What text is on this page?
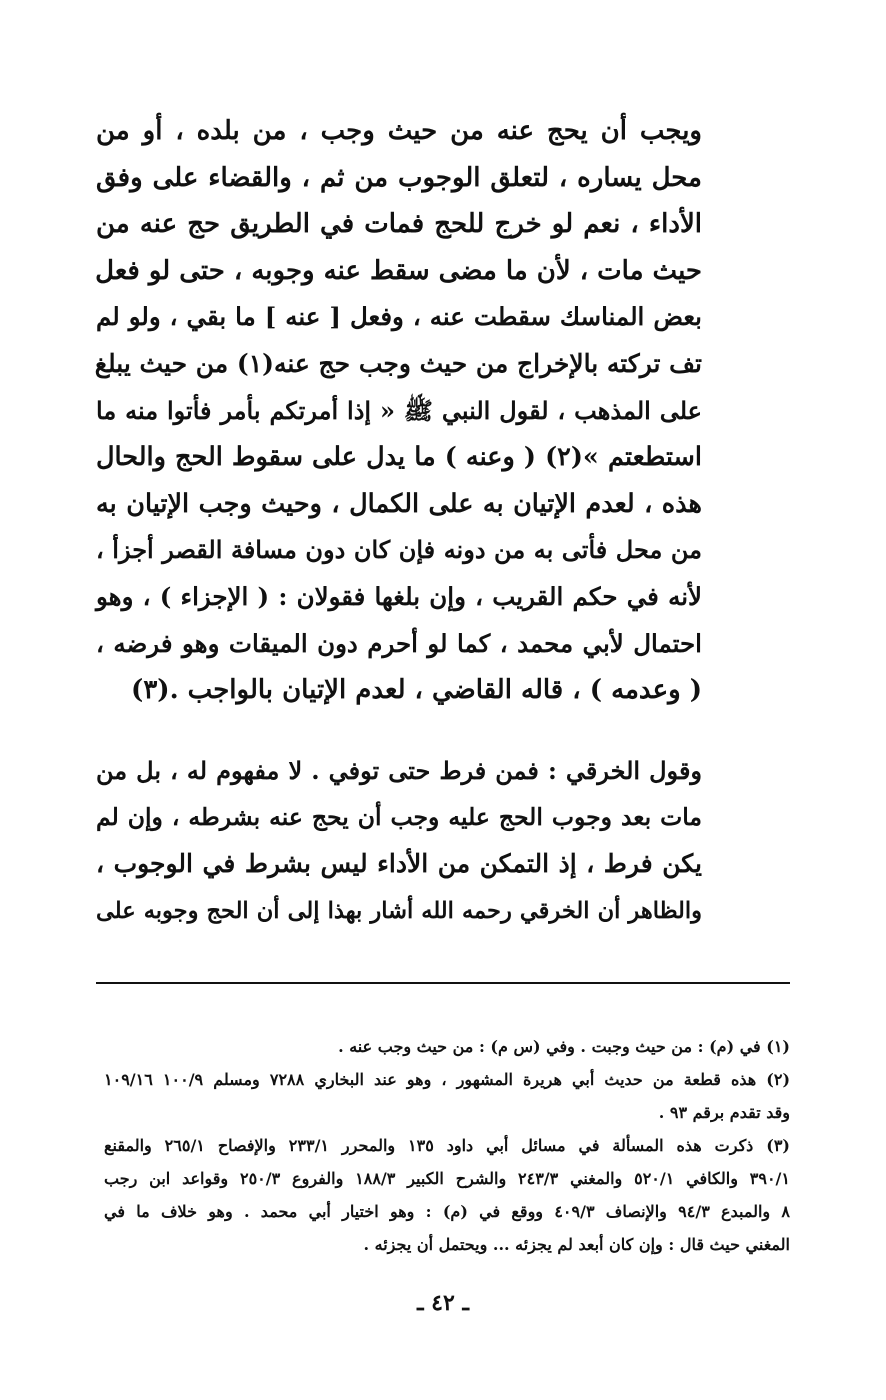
ويجب أن يحج عنه من حيث وجب ، من بلده ، أو من
محل يساره ، لتعلق الوجوب من ثم ، والقضاء على وفق
الأداء ، نعم لو خرج للحج فمات في الطريق حج عنه من
حيث مات ، لأن ما مضى سقط عنه وجوبه ، حتى لو فعل
بعض المناسك سقطت عنه ، وفعل [ عنه ] ما بقي ، ولو لم
تف تركته بالإخراج من حيث وجب حج عنه(١) من حيث يبلغ
على المذهب ، لقول النبي ﷺ « إذا أمرتكم بأمر فأتوا منه ما
استطعتم »(٢) ( وعنه ) ما يدل على سقوط الحج والحال
هذه ، لعدم الإتيان به على الكمال ، وحيث وجب الإتيان به
من محل فأتى به من دونه فإن كان دون مسافة القصر أجزأ ،
لأنه في حكم القريب ، وإن بلغها فقولان : ( الإجزاء ) ، وهو
احتمال لأبي محمد ، كما لو أحرم دون الميقات وهو فرضه ،
( وعدمه ) ، قاله القاضي ، لعدم الإتيان بالواجب .(٣)
وقول الخرقي : فمن فرط حتى توفي . لا مفهوم له ، بل من
مات بعد وجوب الحج عليه وجب أن يحج عنه بشرطه ، وإن لم
يكن فرط ، إذ التمكن من الأداء ليس بشرط في الوجوب ،
والظاهر أن الخرقي رحمه الله أشار بهذا إلى أن الحج وجوبه على
(١) في (م) : من حيث وجبت . وفي (س م) : من حيث وجب عنه .
(٢) هذه قطعة من حديث أبي هريرة المشهور ، وهو عند البخاري ٧٢٨٨ ومسلم ١٠٠/٩ ١٠٩/١٦
وقد تقدم برقم ٩٣ .
(٣) ذكرت هذه المسألة في مسائل أبي داود ١٣٥ والمحرر ٢٣٣/١ والإفصاح ٢٦٥/١ والمقنع
٣٩٠/١ والكافي ٥٢٠/١ والمغني ٢٤٣/٣ والشرح الكبير ١٨٨/٣ والفروع ٢٥٠/٣ وقواعد ابن رجب
٨ والمبدع ٩٤/٣ والإنصاف ٤٠٩/٣ ووقع في (م) : وهو اختيار أبي محمد . وهو خلاف ما في
المغني حيث قال : وإن كان أبعد لم يجزئه ... ويحتمل أن يجزئه .
ـ ٤٢ ـ
